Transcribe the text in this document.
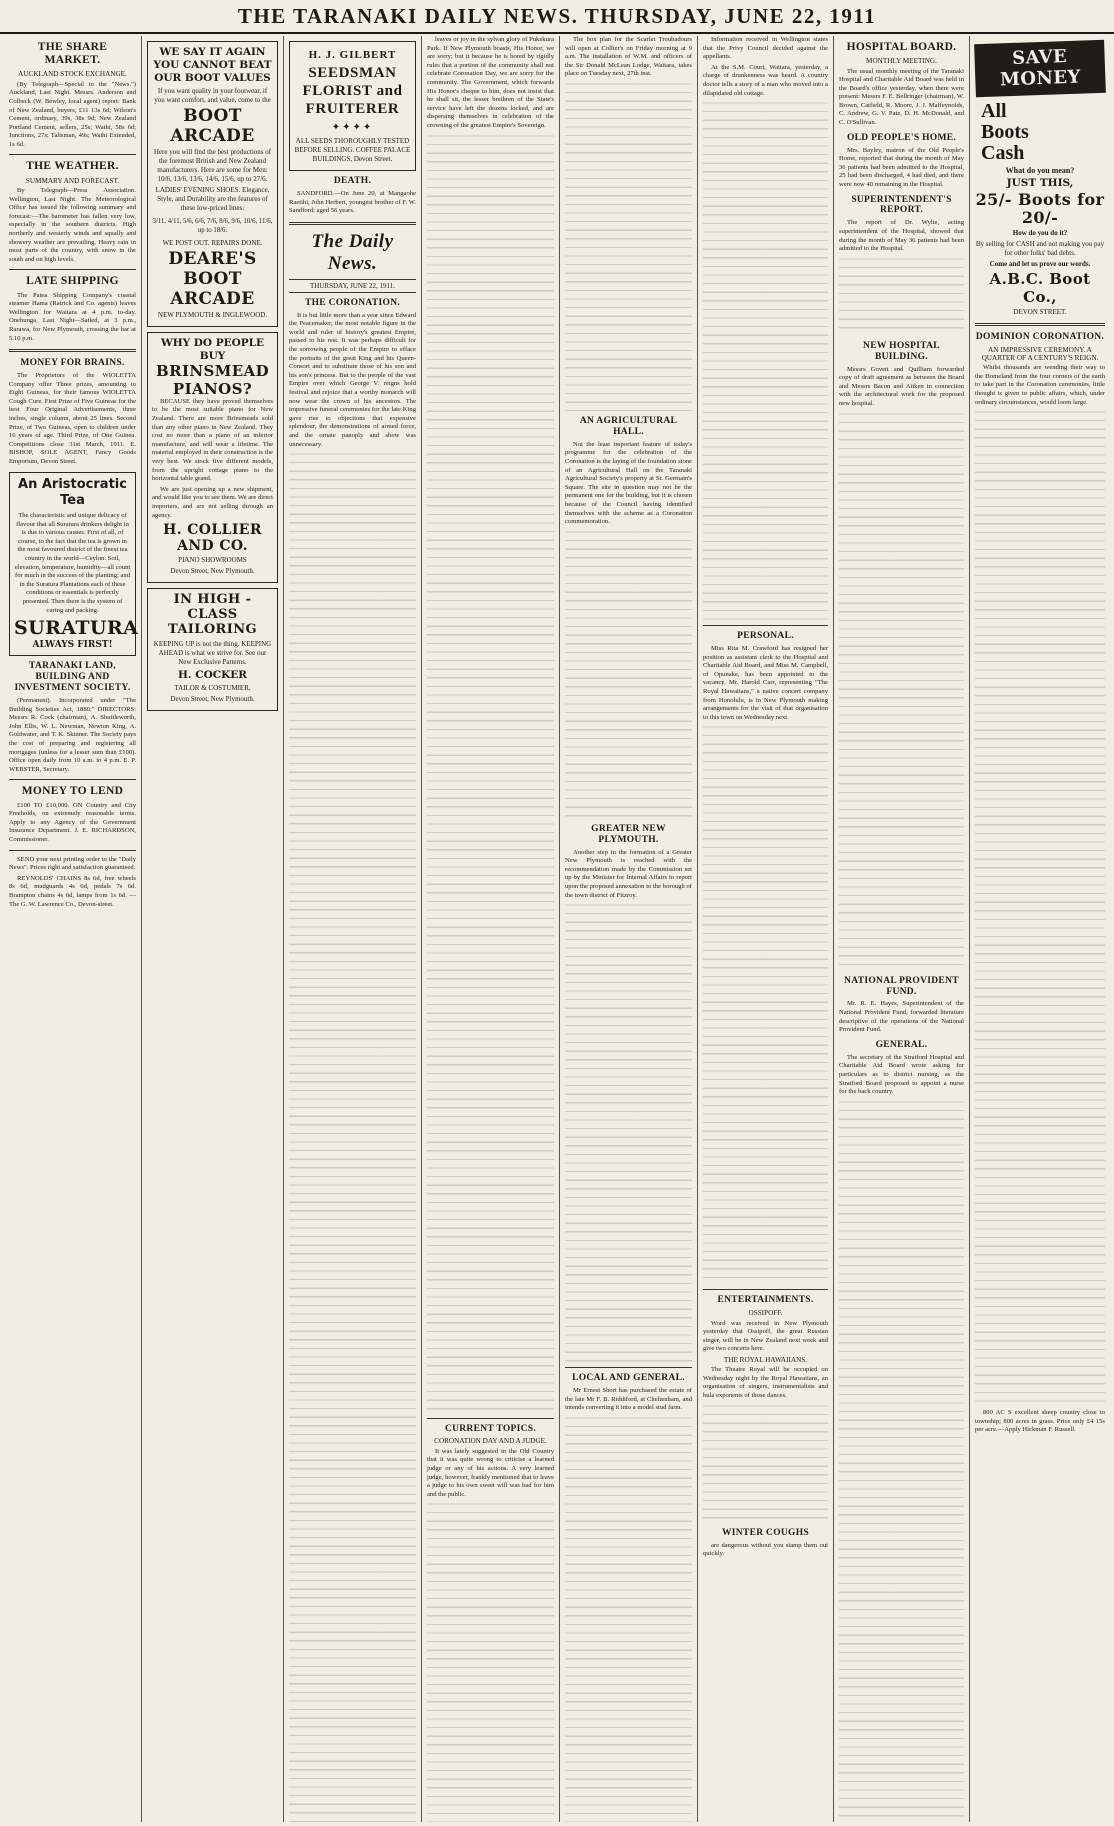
THE TARANAKI DAILY NEWS. THURSDAY, JUNE 22, 1911
THE SHARE MARKET.
AUCKLAND STOCK EXCHANGE.
(By Telegraph—Special to the "News.") Auckland, Last Night. Messrs. Anderson and Colbeck (W. Bewley, local agent) report: Bank of New Zealand, buyers, £11 13s 6d; Wilson's Cement, ordinary, 39s, 38s 9d; New Zealand Portland Cement, sellers, 25s; Waihi, 58s 6d; Junctions, 27s; Talisman, 49s; Waihi Extended, 1s 6d.
THE WEATHER.
SUMMARY AND FORECAST.
By Telegraph—Press Association. Wellington, Last Night. The Meteorological Office has issued the following summary and forecast:—The barometer has fallen very low, especially in the southern districts. High northerly and westerly winds and squally and showery weather are prevailing. Heavy rain in most parts of the country, with snow in the south and on high levels.
LATE SHIPPING
The Patea Shipping Company's coastal steamer Hama (Ratrick and Co. agents) leaves Wellington for Waitara at 4 p.m. to-day. Onehunga, Last Night—Sailed, at 3 p.m., Rarawa, for New Plymouth, crossing the bar at 5.10 p.m.
MONEY FOR BRAINS.
The Proprietors of the WIOLETTA Company offer Three prizes, amounting to Eight Guineas, for their famous WIOLETTA Cough Cure. First Prize of Five Guineas for the best Four Original Advertisements, three inches, single column, about 25 lines. Second Prize, of Two Guineas, open to children under 16 years of age. Third Prize, of One Guinea. Competitions close 31st March, 1911. E. BISHOP, SOLE AGENT, Fancy Goods Emporium, Devon Street.
An Aristocratic Tea
The characteristic and unique delicacy of flavour that all Suratura drinkers delight in is due to various causes. First of all, of course, to the fact that the tea is grown in the most favoured district of the finest tea country in the world—Ceylon. Soil, elevation, temperature, humidity—all count for much in the success of the planting; and in the Suratura Plantations each of these conditions or essentials is perfectly presented. Then there is the system of curing and packing.
SURATURA
ALWAYS FIRST!
TARANAKI LAND, BUILDING AND INVESTMENT SOCIETY.
(Permanent). Incorporated under "The Building Societies Act, 1880." DIRECTORS: Messrs R. Cock (chairman), A. Shuttleworth, John Ellis, W. L. Newman, Newton King, A. Goldwater, and T. K. Skinner. The Society pays the cost of preparing and registering all mortgages (unless for a lesser sum than £100). Office open daily from 10 a.m. to 4 p.m. E. P. WEBSTER, Secretary.
MONEY TO LEND
£100 TO £10,000. ON Country and City Freeholds, on extremely reasonable terms. Apply to any Agency of the Government Insurance Department. J. E. RICHARDSON, Commissioner.
SEND your next printing order to the "Daily News". Prices right and satisfaction guaranteed.
REYNOLDS' CHAINS 8s 6d, free wheels 8s 6d, mudguards 4s 6d, pedals 7s 6d. Brampton chains 4s 6d, lamps from 1s 6d. —The G. W. Lawrence Co., Devon-street.
WE SAY IT AGAIN
YOU CANNOT BEAT
OUR BOOT VALUES
If you want quality in your footwear, if you want comfort, and value, come to the
BOOT ARCADE
Here you will find the best productions of the foremost British and New Zealand manufacturers. Here are some for Men: 10/6, 13/6, 13/6, 14/6, 15/6, up to 27/6.
LADIES' EVENING SHOES. Elegance, Style, and Durability are the features of these low-priced lines:
3/11, 4/11, 5/6, 6/6, 7/6, 8/6, 9/6, 10/6, 11/6, up to 18/6.
WE POST OUT. REPAIRS DONE.
DEARE'S BOOT ARCADE
NEW PLYMOUTH & INGLEWOOD.
WHY DO PEOPLE BUY
BRINSMEAD PIANOS?
BECAUSE they have proved themselves to be the most suitable piano for New Zealand. There are more Brinsmeads sold than any other piano in New Zealand. They cost no more than a piano of an inferior manufacture, and will wear a lifetime. The material employed in their construction is the very best. We stock five different models, from the upright cottage piano to the horizontal table grand.
We are just opening up a new shipment, and would like you to see them. We are direct importers, and are not selling through an agency.
H. COLLIER AND CO.
PIANO SHOWROOMS
Devon Street, New Plymouth.
IN HIGH - CLASS TAILORING
KEEPING UP is not the thing. KEEPING AHEAD is what we strive for. See our New Exclusive Patterns.
H. COCKER
TAILOR & COSTUMIER,
Devon Street, New Plymouth.
H. J. GILBERT
SEEDSMAN
FLORIST and
FRUITERER
✦✦✦✦
ALL SEEDS THOROUGHLY TESTED BEFORE SELLING. COFFEE PALACE BUILDINGS, Devon Street.
DEATH.
SANDFORD.—On June 20, at Mangaohe Raetihi, John Herbert, youngest brother of F. W. Sandford; aged 56 years.
The Daily News.
THURSDAY, JUNE 22, 1911.
THE CORONATION.
It is but little more than a year since Edward the Peacemaker, the most notable figure in the world and ruler of history's greatest Empire, passed to his rest. It was perhaps difficult for the sorrowing people of the Empire to efface the portraits of the great King and his Queen-Consort and to substitute those of his son and his son's princess. But to the people of the vast Empire over which George V. reigns hold festival and rejoice that a worthy monarch will now wear the crown of his ancestors. The impressive funeral ceremonies for the late King gave rise to objections that expensive splendour, the demonstrations of armed force, and the ornate panoply and show was unnecessary.
leaves or joy in the sylvan glory of Pukekura Park. If New Plymouth boasts, His Honor, we are sorry; but it because he is bored by rigidly rules that a portion of the community shall not celebrate Coronation Day, we are sorry for the community. The Government, which forwards His Honor's cheque to him, does not insist that he shall sit, the lesser brethren of the State's service have left the dozens locked, and are dispersing themselves in celebration of the crowning of the greatest Empire's Sovereign.
CURRENT TOPICS.
CORONATION DAY AND A JUDGE.
It was lately suggested in the Old Country that it was quite wrong to criticise a learned judge or any of his actions. A very learned judge, however, frankly mentioned that to leave a judge to his own sweet will was bad for him and the public.
The box plan for the Scarlet Troubadours will open at Collier's on Friday morning at 9 a.m. The installation of W.M. and officers of the Sir Donald McLean Lodge, Waitara, takes place on Tuesday next, 27th inst.
AN AGRICULTURAL HALL.
Not the least important feature of today's programme for the celebration of the Coronation is the laying of the foundation stone of an Agricultural Hall on the Taranaki Agricultural Society's property at St. Germain's Square. The site in question may not be the permanent one for the building, but it is chosen because of the Council having identified themselves with the scheme as a Coronation commemoration.
GREATER NEW PLYMOUTH.
Another step in the formation of a Greater New Plymouth is reached with the recommendation made by the Commission set up by the Minister for Internal Affairs to report upon the proposed annexation to the borough of the town district of Fitzroy.
LOCAL AND GENERAL.
Mr Ernest Short has purchased the estate of the late Mr F. B. Riddiford, at Cheltenham, and intends converting it into a model stud farm.
Information received in Wellington states that the Privy Council decided against the appellants.
At the S.M. Court, Waitara, yesterday, a charge of drunkenness was heard. A country doctor tells a story of a man who moved into a dilapidated old cottage.
PERSONAL.
Miss Rita M. Crawford has resigned her position as assistant clerk to the Hospital and Charitable Aid Board, and Miss M. Campbell, of Opunake, has been appointed to the vacancy. Mr. Harold Carr, representing "The Royal Hawaiians," a native concert company from Honolulu, is in New Plymouth making arrangements for the visit of that organisation to this town on Wednesday next.
ENTERTAINMENTS.
OSSIPOFF.
Word was received in New Plymouth yesterday that Ossipoff, the great Russian singer, will be in New Zealand next week and give two concerts here.
THE ROYAL HAWAIIANS.
The Theatre Royal will be occupied on Wednesday night by the Royal Hawaiians, an organisation of singers, instrumentalists and hula exponents of those dances.
WINTER COUGHS
are dangerous without you stamp them out quickly.
HOSPITAL BOARD.
MONTHLY MEETING.
The usual monthly meeting of the Taranaki Hospital and Charitable Aid Board was held in the Board's office yesterday, when there were present: Messrs F. E. Bellringer (chairman), W. Brown, Catfield, R. Moore, J. J. Maffeynolds, C. Andrew, G. V. Pate, D. H. McDonald, and C. O'Sullivan.
OLD PEOPLE'S HOME.
Mrs. Bayley, matron of the Old People's Home, reported that during the month of May 36 patients had been admitted to the Hospital, 25 had been discharged, 4 had died, and there were now 40 remaining in the Hospital.
SUPERINTENDENT'S REPORT.
The report of Dr. Wylie, acting superintendent of the Hospital, showed that during the month of May 36 patients had been admitted to the Hospital.
NEW HOSPITAL BUILDING.
Messrs Govett and Quilliam forwarded copy of draft agreement as between the Board and Messrs Bacon and Aitken in connection with the architectural work for the proposed new hospital.
NATIONAL PROVIDENT FUND.
Mr. R. E. Hayes, Superintendent of the National Provident Fund, forwarded literature descriptive of the operations of the National Provident Fund.
GENERAL.
The secretary of the Stratford Hospital and Charitable Aid Board wrote asking for particulars as to district nursing, as the Stratford Board proposed to appoint a nurse for the back country.
SAVE MONEY
All
Boots
Cash
What do you mean?
JUST THIS,
25/- Boots for 20/-
How do you do it?
By selling for CASH and not making you pay for other folks' bad debts.
Come and let us prove our words.
A.B.C. Boot Co.,
DEVON STREET.
DOMINION CORONATION.
AN IMPRESSIVE CEREMONY. A QUARTER OF A CENTURY'S REIGN.
Whilst thousands are wending their way to the Homeland from the four corners of the earth to take part in the Coronation ceremonies, little thought is given to public affairs, which, under ordinary circumstances, would loom large.
800 AC S excellent sheep country close to township; 800 acres in grass. Price only £4 15s per acre.—Apply Hickman F. Russell.
